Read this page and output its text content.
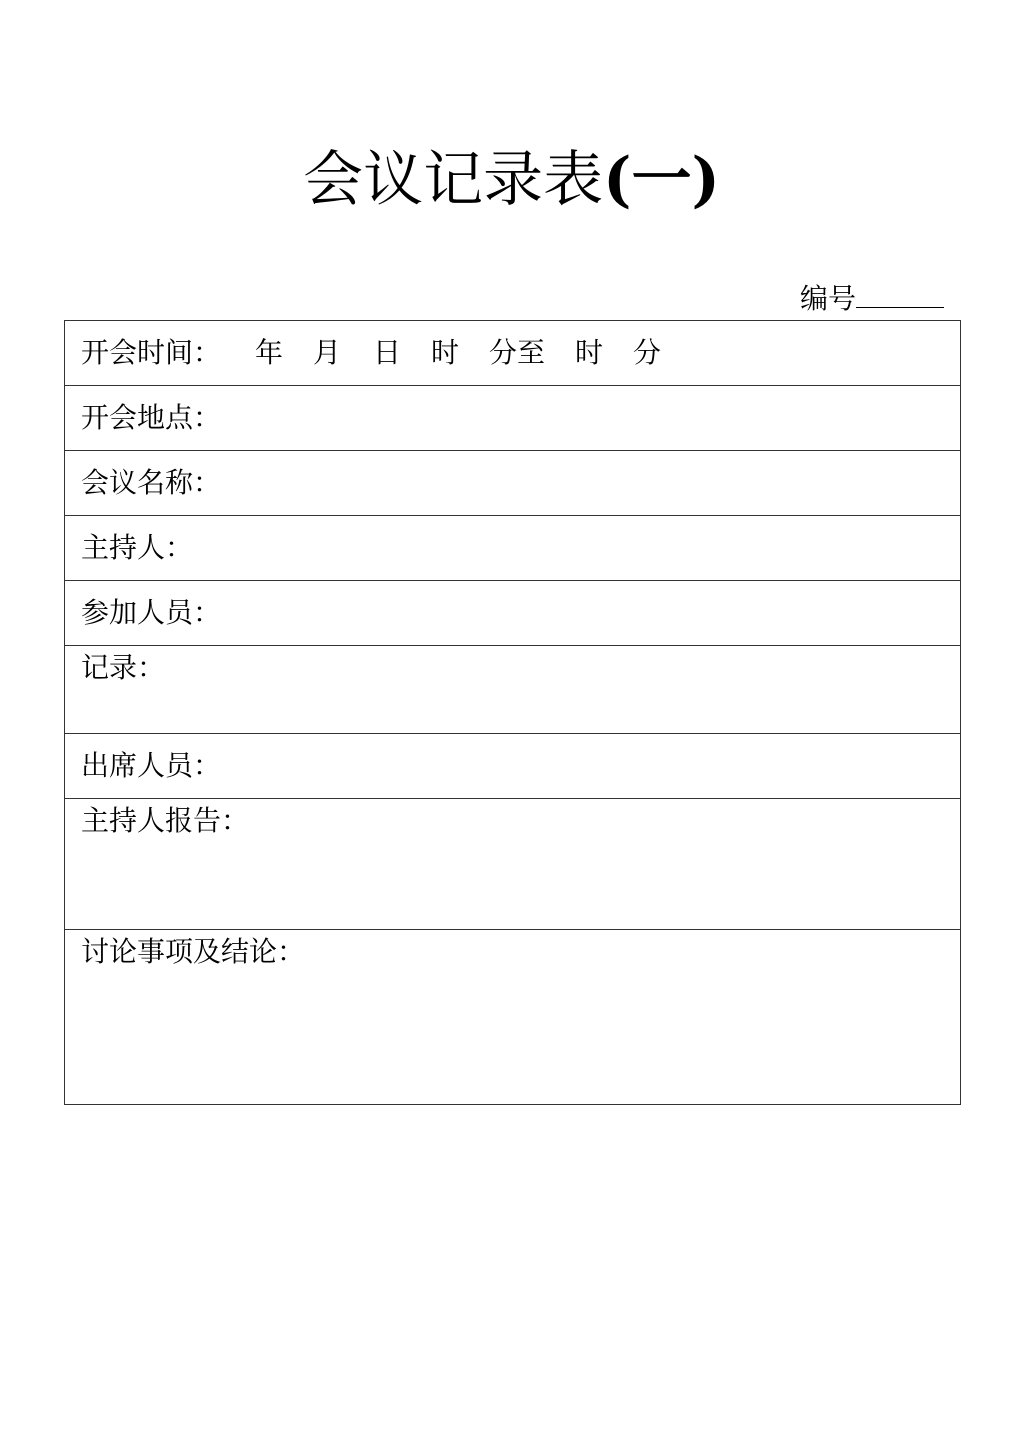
会议记录表(一)
编号
开会时间： 年 月 日 时 分至 时 分
开会地点：
会议名称：
主持人：
参加人员：
记录：
出席人员：
主持人报告：
讨论事项及结论：
